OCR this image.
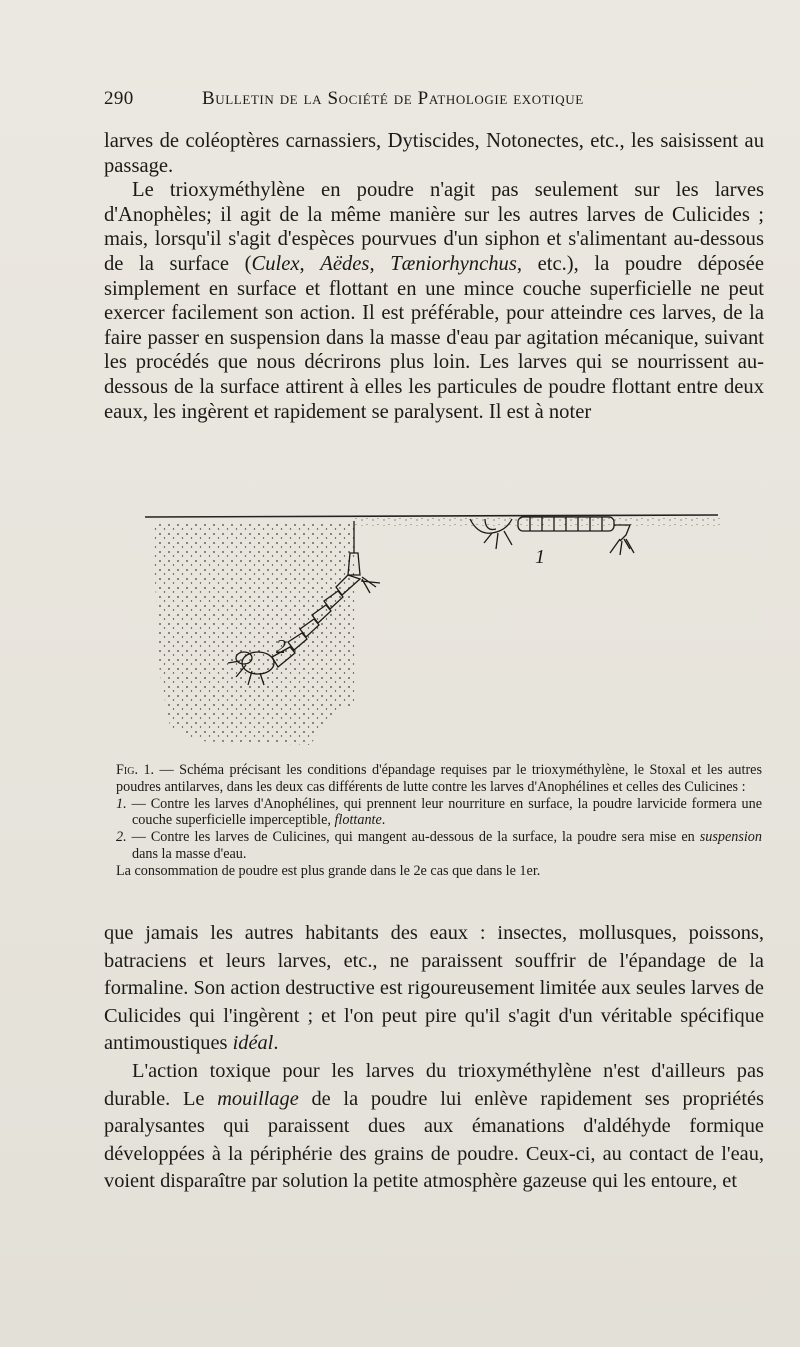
290	Bulletin de la Société de Pathologie exotique

larves de coléoptères carnassiers, Dytiscides, Notonectes, etc., les saisissent au passage.

Le trioxyméthylène en poudre n'agit pas seulement sur les larves d'Anophèles; il agit de la même manière sur les autres larves de Culicides ; mais, lorsqu'il s'agit d'espèces pourvues d'un siphon et s'alimentant au-dessous de la surface (Culex, Aëdes, Tæniorhynchus, etc.), la poudre déposée simplement en surface et flottant en une mince couche superficielle ne peut exercer facilement son action. Il est préférable, pour atteindre ces larves, de la faire passer en suspension dans la masse d'eau par agitation mécanique, suivant les procédés que nous décrirons plus loin. Les larves qui se nourrissent au-dessous de la surface attirent à elles les particules de poudre flottant entre deux eaux, les ingèrent et rapidement se paralysent. Il est à noter

1
2

Fig. 1. — Schéma précisant les conditions d'épandage requises par le trioxyméthylène, le Stoxal et les autres poudres antilarves, dans les deux cas différents de lutte contre les larves d'Anophélines et celles des Culicines :

1. — Contre les larves d'Anophélines, qui prennent leur nourriture en surface, la poudre larvicide formera une couche superficielle imperceptible, flottante.

2. — Contre les larves de Culicines, qui mangent au-dessous de la surface, la poudre sera mise en suspension dans la masse d'eau.

La consommation de poudre est plus grande dans le 2e cas que dans le 1er.

que jamais les autres habitants des eaux : insectes, mollusques, poissons, batraciens et leurs larves, etc., ne paraissent souffrir de l'épandage de la formaline. Son action destructive est rigoureusement limitée aux seules larves de Culicides qui l'ingèrent ; et l'on peut pire qu'il s'agit d'un véritable spécifique antimoustiques idéal.

L'action toxique pour les larves du trioxyméthylène n'est d'ailleurs pas durable. Le mouillage de la poudre lui enlève rapidement ses propriétés paralysantes qui paraissent dues aux émanations d'aldéhyde formique développées à la périphérie des grains de poudre. Ceux-ci, au contact de l'eau, voient disparaître par solution la petite atmosphère gazeuse qui les entoure, et
